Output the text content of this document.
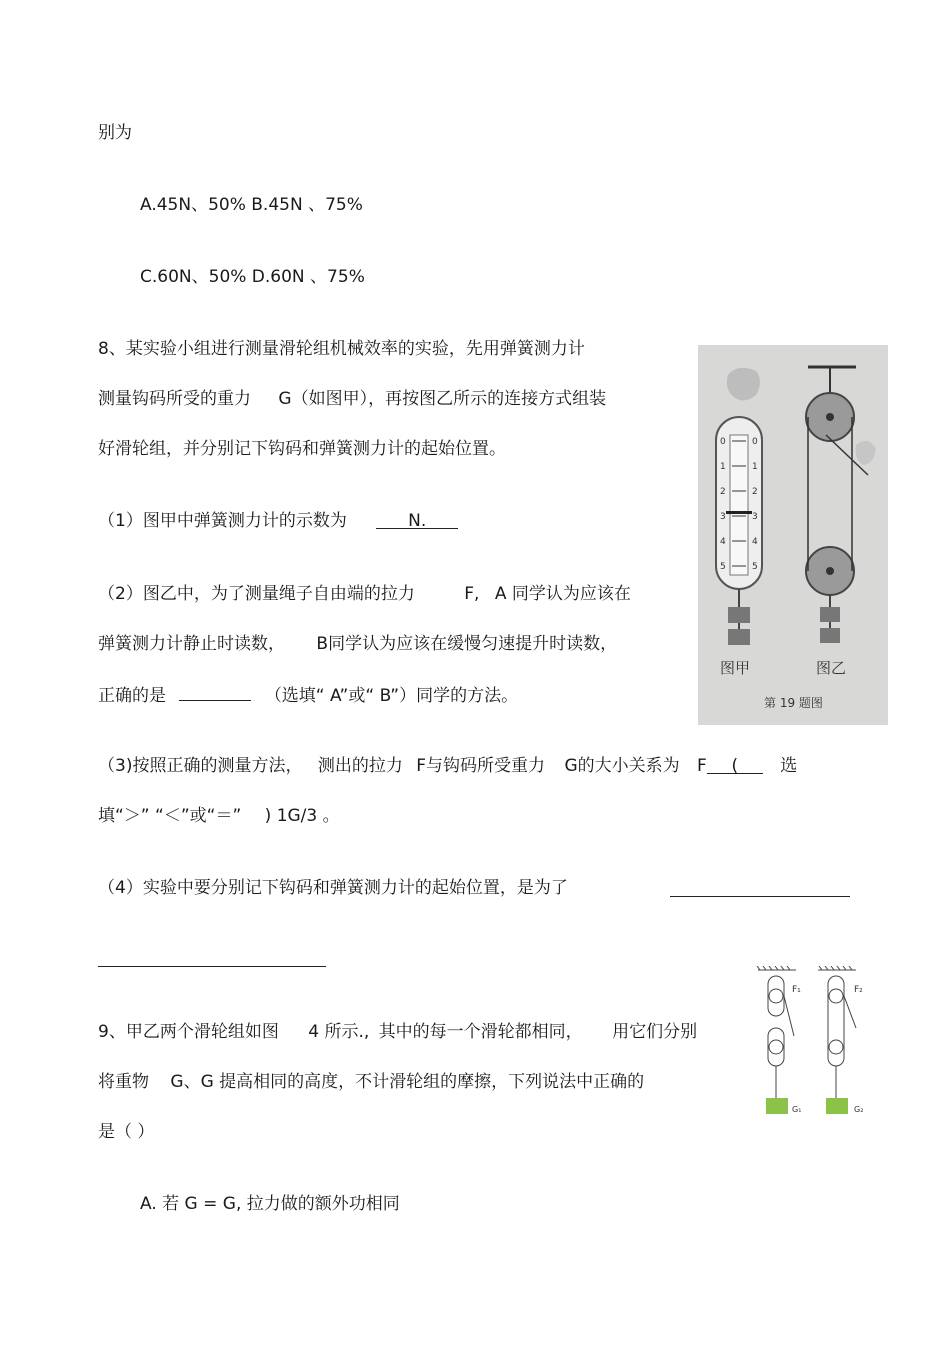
别为
A.45N、50% B.45N 、75%
C.60N、50% D.60N 、75%
8、某实验小组进行测量滑轮组机械效率的实验，先用弹簧测力计
测量钩码所受的重力 G（如图甲），再按图乙所示的连接方式组装
好滑轮组，并分别记下钩码和弹簧测力计的起始位置。
（1）图甲中弹簧测力计的示数为	N.
（2）图乙中，为了测量绳子自由端的拉力	F, A 同学认为应该在
弹簧测力计静止时读数， B同学认为应该在缓慢匀速提升时读数，
正确的是	（选填“ A”或“ B”）同学的方法。
（3)按照正确的测量方法， 测出的拉力 F与钩码所受重力 G的大小关系为 F ( 选
填“＞” “＜”或“＝” ) 1G/3 。
（4）实验中要分别记下钩码和弹簧测力计的起始位置，是为了
0
1
2
3
4
5
0
1
2
3
4
5
图甲	图乙
第 19 题图
9、甲乙两个滑轮组如图 4 所示., 其中的每一个滑轮都相同， 用它们分别
将重物 G、G 提高相同的高度，不计滑轮组的摩擦，下列说法中正确的
是（ ）
A. 若 G = G, 拉力做的额外功相同
F₁
G₁
F₂
G₂
